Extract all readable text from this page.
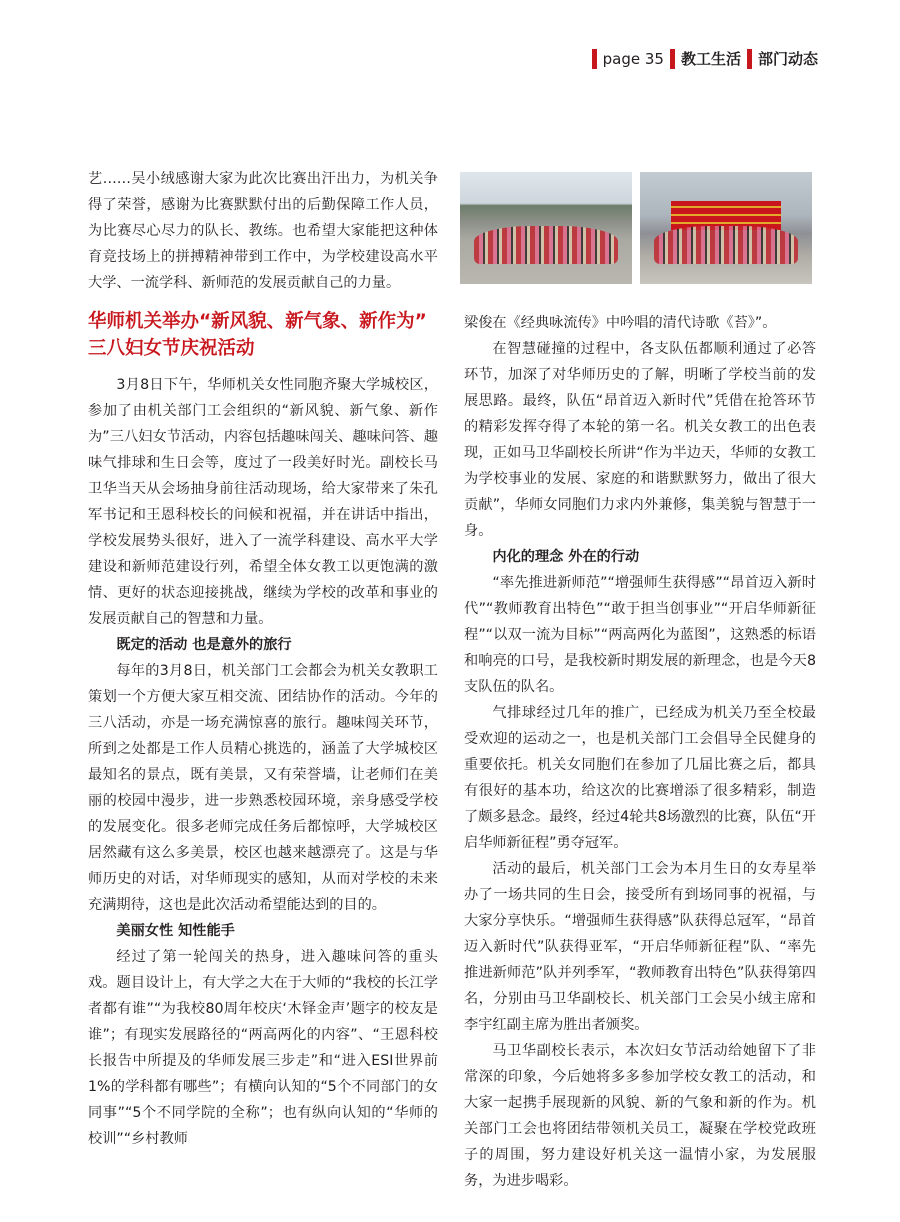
page 35 教工生活 部门动态

艺……吴小绒感谢大家为此次比赛出汗出力，为机关争得了荣誉，感谢为比赛默默付出的后勤保障工作人员，为比赛尽心尽力的队长、教练。也希望大家能把这种体育竞技场上的拼搏精神带到工作中，为学校建设高水平大学、一流学科、新师范的发展贡献自己的力量。

华师机关举办“新风貌、新气象、新作为”
三八妇女节庆祝活动

3月8日下午，华师机关女性同胞齐聚大学城校区，参加了由机关部门工会组织的“新风貌、新气象、新作为”三八妇女节活动，内容包括趣味闯关、趣味问答、趣味气排球和生日会等，度过了一段美好时光。副校长马卫华当天从会场抽身前往活动现场，给大家带来了朱孔军书记和王恩科校长的问候和祝福，并在讲话中指出，学校发展势头很好，进入了一流学科建设、高水平大学建设和新师范建设行列，希望全体女教工以更饱满的激情、更好的状态迎接挑战，继续为学校的改革和事业的发展贡献自己的智慧和力量。

既定的活动 也是意外的旅行

每年的3月8日，机关部门工会都会为机关女教职工策划一个方便大家互相交流、团结协作的活动。今年的三八活动，亦是一场充满惊喜的旅行。趣味闯关环节，所到之处都是工作人员精心挑选的，涵盖了大学城校区最知名的景点，既有美景，又有荣誉墙，让老师们在美丽的校园中漫步，进一步熟悉校园环境，亲身感受学校的发展变化。很多老师完成任务后都惊呼，大学城校区居然藏有这么多美景，校区也越来越漂亮了。这是与华师历史的对话，对华师现实的感知，从而对学校的未来充满期待，这也是此次活动希望能达到的目的。

美丽女性 知性能手

经过了第一轮闯关的热身，进入趣味问答的重头戏。题目设计上，有大学之大在于大师的“我校的长江学者都有谁”“为我校80周年校庆‘木铎金声’题字的校友是谁”；有现实发展路径的“两高两化的内容”、“王恩科校长报告中所提及的华师发展三步走”和“进入ESI世界前1%的学科都有哪些”；有横向认知的“5个不同部门的女同事”“5个不同学院的全称”；也有纵向认知的“华师的校训”“乡村教师

梁俊在《经典咏流传》中吟唱的清代诗歌《苔》”。

在智慧碰撞的过程中，各支队伍都顺利通过了必答环节，加深了对华师历史的了解，明晰了学校当前的发展思路。最终，队伍“昂首迈入新时代”凭借在抢答环节的精彩发挥夺得了本轮的第一名。机关女教工的出色表现，正如马卫华副校长所讲“作为半边天，华师的女教工为学校事业的发展、家庭的和谐默默努力，做出了很大贡献”，华师女同胞们力求内外兼修，集美貌与智慧于一身。

内化的理念 外在的行动

“率先推进新师范”“增强师生获得感”“昂首迈入新时代”“教师教育出特色”“敢于担当创事业”“开启华师新征程”“以双一流为目标”“两高两化为蓝图”，这熟悉的标语和响亮的口号，是我校新时期发展的新理念，也是今天8支队伍的队名。

气排球经过几年的推广，已经成为机关乃至全校最受欢迎的运动之一，也是机关部门工会倡导全民健身的重要依托。机关女同胞们在参加了几届比赛之后，都具有很好的基本功，给这次的比赛增添了很多精彩，制造了颇多悬念。最终，经过4轮共8场激烈的比赛，队伍“开启华师新征程”勇夺冠军。

活动的最后，机关部门工会为本月生日的女寿星举办了一场共同的生日会，接受所有到场同事的祝福，与大家分享快乐。“增强师生获得感”队获得总冠军，“昂首迈入新时代”队获得亚军，“开启华师新征程”队、“率先推进新师范”队并列季军，“教师教育出特色”队获得第四名，分别由马卫华副校长、机关部门工会吴小绒主席和李宇红副主席为胜出者颁奖。

马卫华副校长表示，本次妇女节活动给她留下了非常深的印象，今后她将多多参加学校女教工的活动，和大家一起携手展现新的风貌、新的气象和新的作为。机关部门工会也将团结带领机关员工，凝聚在学校党政班子的周围，努力建设好机关这一温情小家，为发展服务，为进步喝彩。
